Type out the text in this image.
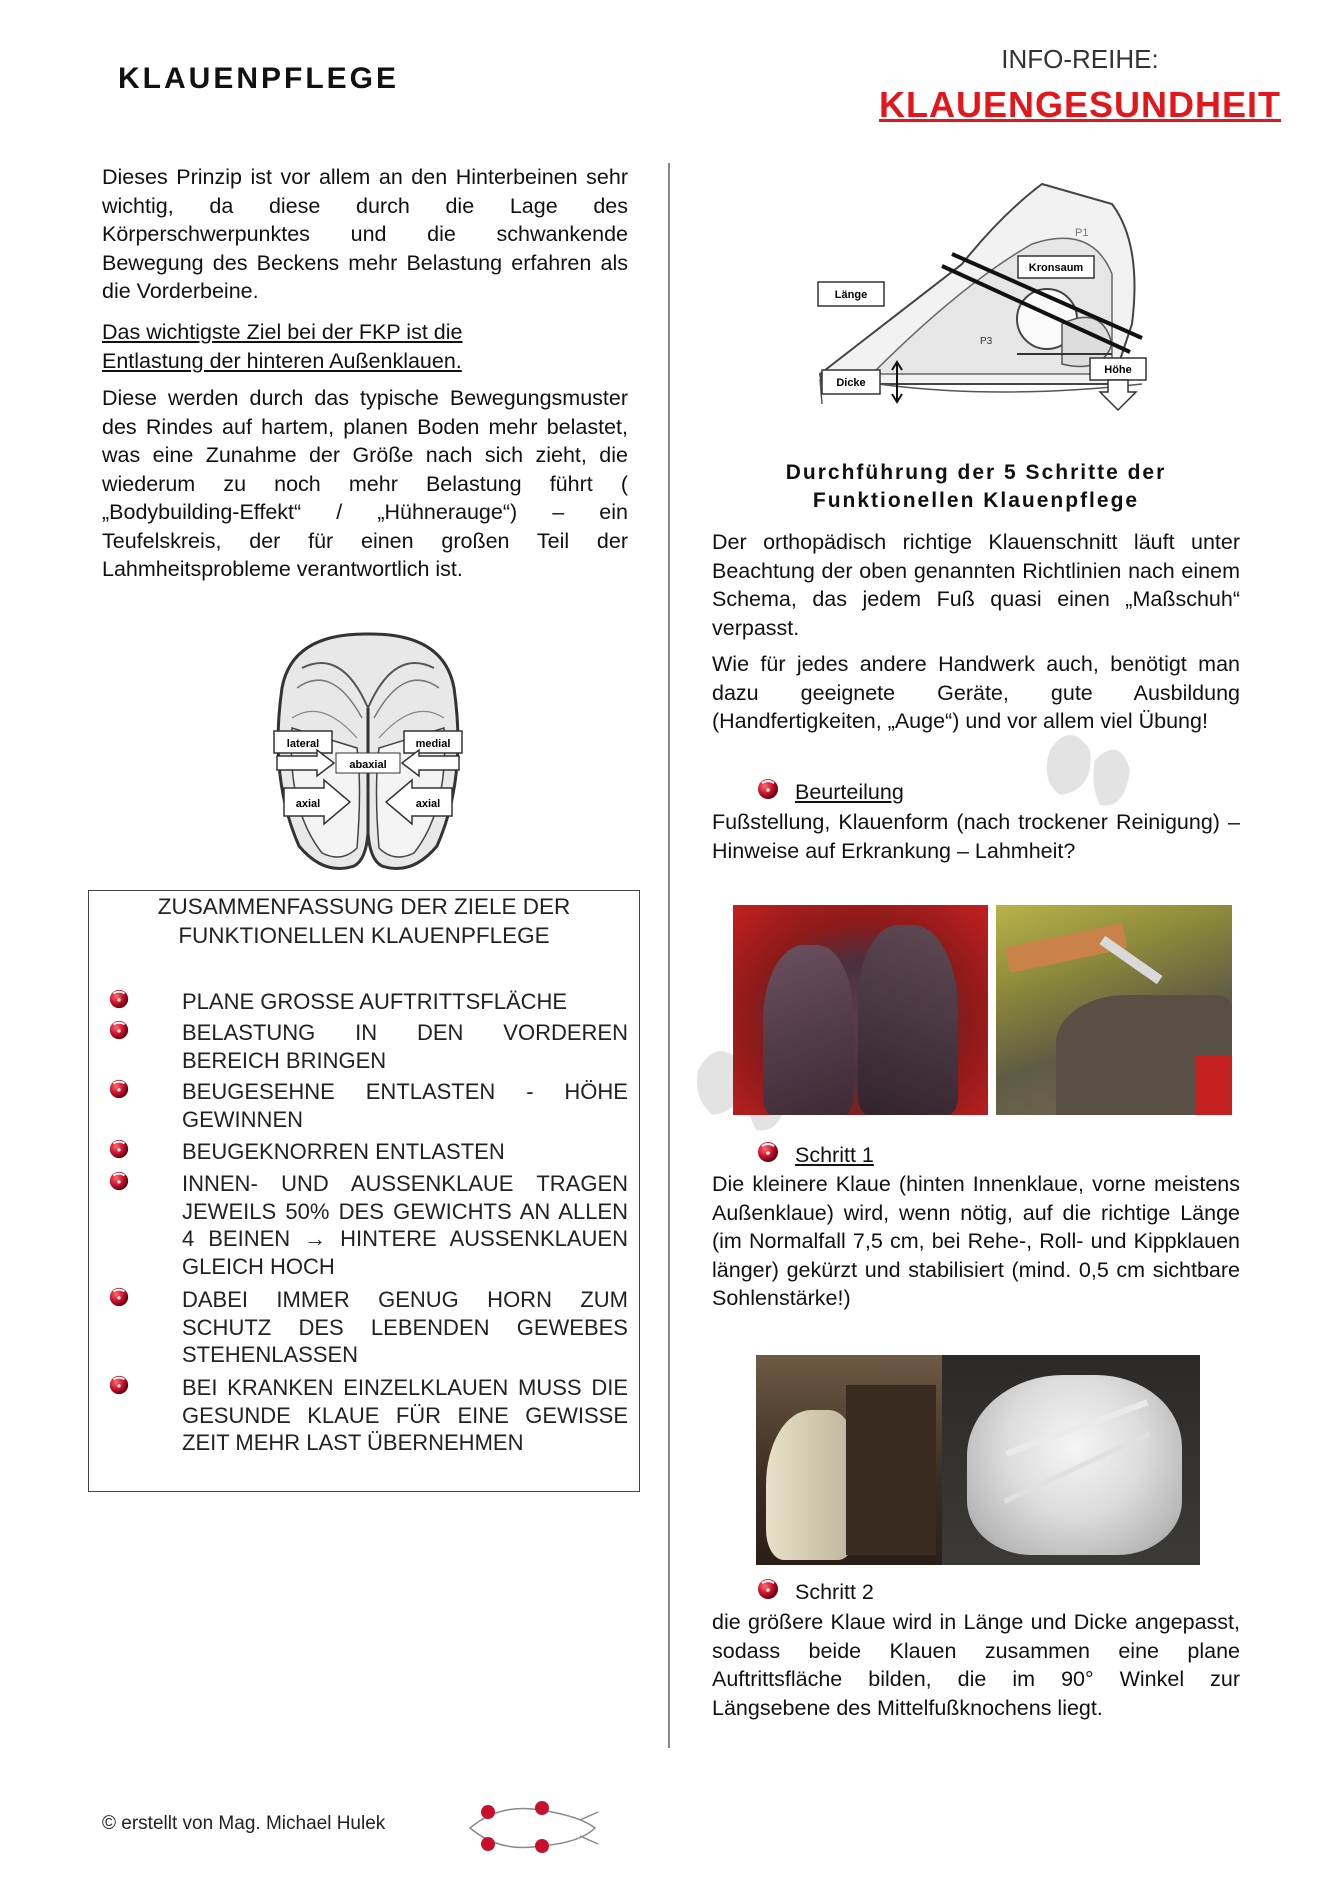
KLAUENPFLEGE
INFO-REIHE:
KLAUENGESUNDHEIT
Dieses Prinzip ist vor allem an den Hinterbeinen sehr wichtig, da diese durch die Lage des Körperschwerpunktes und die schwankende Bewegung des Beckens mehr Belastung erfahren als die Vorderbeine.

Das wichtigste Ziel bei der FKP ist die

Entlastung der hinteren Außenklauen.

Diese werden durch das typische Bewegungsmuster des Rindes auf hartem, planen Boden mehr belastet, was eine Zunahme der Größe nach sich zieht, die wiederum zu noch mehr Belastung führt ( „Bodybuilding-Effekt“ / „Hühnerauge“) – ein Teufelskreis, der für einen großen Teil der Lahmheitsprobleme verantwortlich ist.
lateral	medial
abaxial
axial	axial
ZUSAMMENFASSUNG DER ZIELE DER
FUNKTIONELLEN KLAUENPFLEGE
PLANE GROSSE AUFTRITTSFLÄCHE
BELASTUNG IN DEN VORDEREN BEREICH BRINGEN
BEUGESEHNE ENTLASTEN - HÖHE GEWINNEN
BEUGEKNORREN ENTLASTEN
INNEN- UND AUSSENKLAUE TRAGEN JEWEILS 50% DES GEWICHTS AN ALLEN 4 BEINEN → HINTERE AUSSENKLAUEN GLEICH HOCH
DABEI IMMER GENUG HORN ZUM SCHUTZ DES LEBENDEN GEWEBES STEHENLASSEN
BEI KRANKEN EINZELKLAUEN MUSS DIE GESUNDE KLAUE FÜR EINE GEWISSE ZEIT MEHR LAST ÜBERNEHMEN
P1
P3
Länge
Kronsaum
Dicke
Höhe
Durchführung der 5 Schritte der
Funktionellen Klauenpflege
Der orthopädisch richtige Klauenschnitt läuft unter Beachtung der oben genannten Richtlinien nach einem Schema, das jedem Fuß quasi einen „Maßschuh“ verpasst.
Wie für jedes andere Handwerk auch, benötigt man dazu geeignete Geräte, gute Ausbildung (Handfertigkeiten, „Auge“) und vor allem viel Übung!
Beurteilung
Fußstellung, Klauenform (nach trockener Reinigung) – Hinweise auf Erkrankung – Lahmheit?
Schritt 1
Die kleinere Klaue (hinten Innenklaue, vorne meistens Außenklaue) wird, wenn nötig, auf die richtige Länge (im Normalfall 7,5 cm, bei Rehe-, Roll- und Kippklauen länger) gekürzt und stabilisiert (mind. 0,5 cm sichtbare Sohlenstärke!)
Schritt 2
die größere Klaue wird in Länge und Dicke angepasst, sodass beide Klauen zusammen eine plane Auftrittsfläche bilden, die im 90° Winkel zur Längsebene des Mittelfußknochens liegt.
© erstellt von Mag. Michael Hulek
